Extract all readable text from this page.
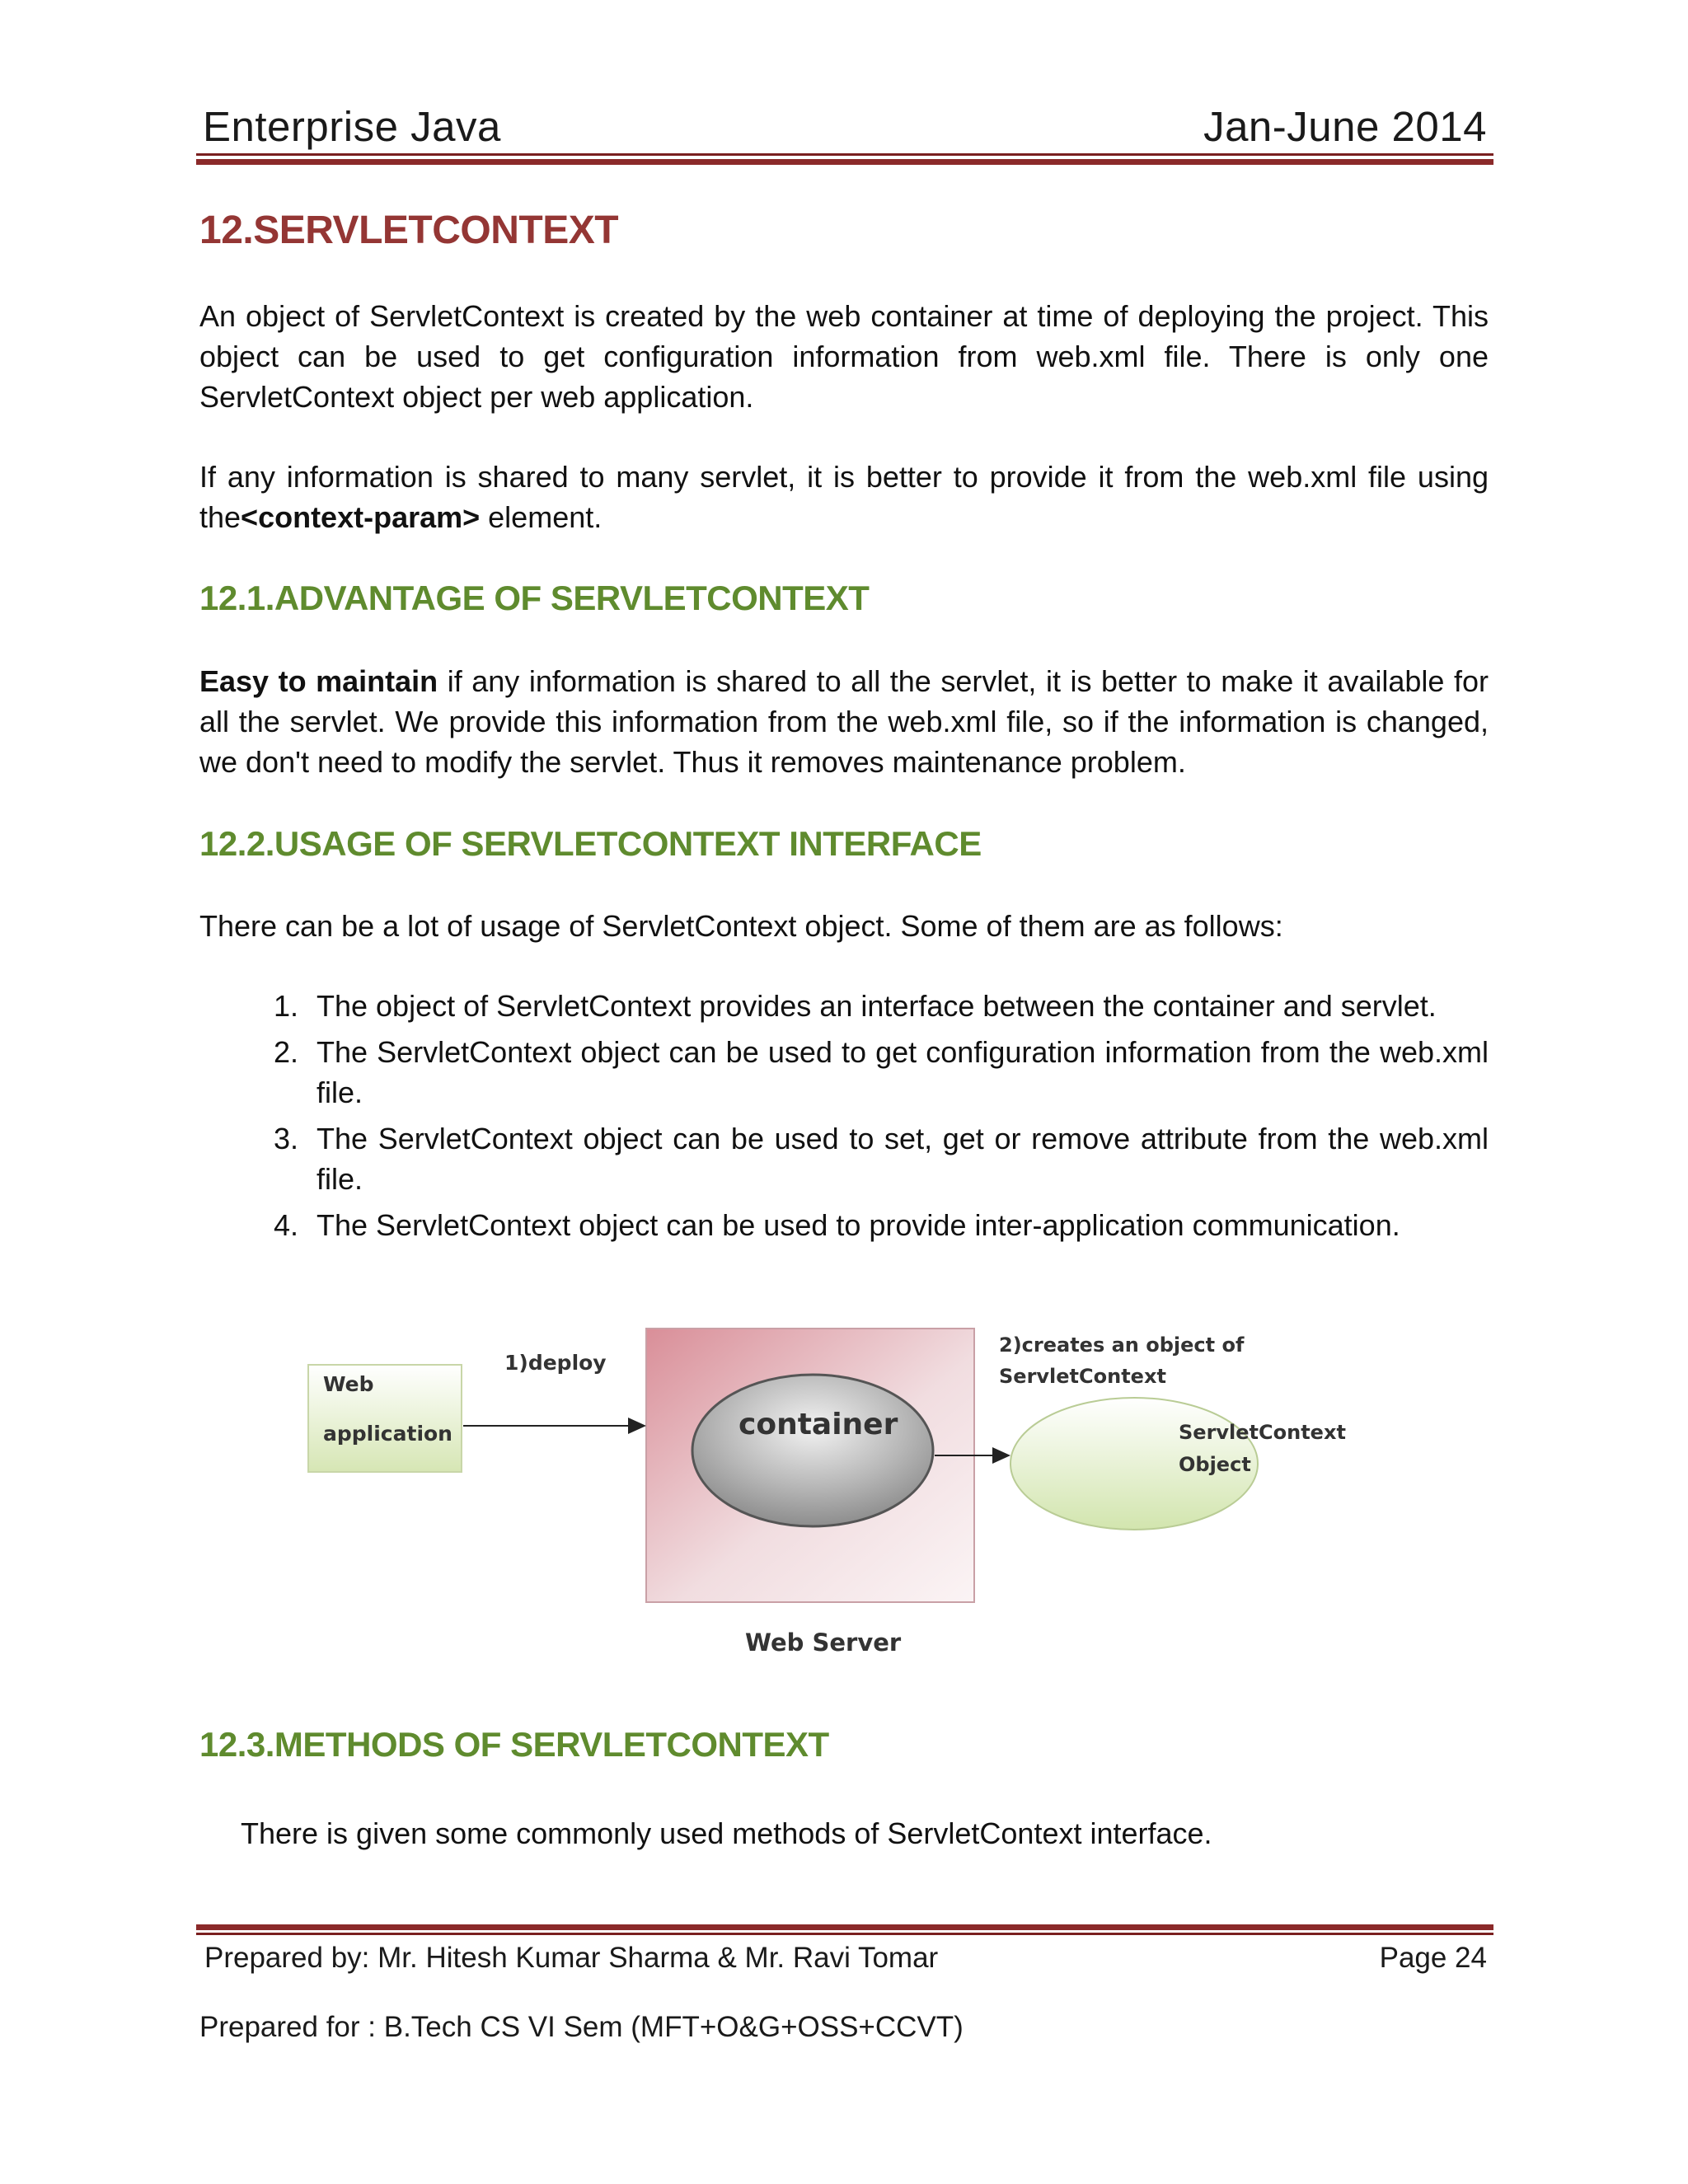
Enterprise Java	Jan-June 2014
12.SERVLETCONTEXT
An object of ServletContext is created by the web container at time of deploying the project. This object can be used to get configuration information from web.xml file. There is only one ServletContext object per web application.
If any information is shared to many servlet, it is better to provide it from the web.xml file using the<context-param> element.
12.1.ADVANTAGE OF SERVLETCONTEXT
Easy to maintain if any information is shared to all the servlet, it is better to make it available for all the servlet. We provide this information from the web.xml file, so if the information is changed, we don't need to modify the servlet. Thus it removes maintenance problem.
12.2.USAGE OF SERVLETCONTEXT INTERFACE
There can be a lot of usage of ServletContext object. Some of them are as follows:
1. The object of ServletContext provides an interface between the container and servlet.
2. The ServletContext object can be used to get configuration information from the web.xml file.
3. The ServletContext object can be used to set, get or remove attribute from the web.xml file.
4. The ServletContext object can be used to provide inter-application communication.
Web
application
1)deploy
container
2)creates an object of
ServletContext
ServletContext
Object
Web Server
12.3.METHODS OF SERVLETCONTEXT
There is given some commonly used methods of ServletContext interface.
Prepared by: Mr. Hitesh Kumar Sharma & Mr. Ravi Tomar	Page 24
Prepared for : B.Tech CS VI Sem (MFT+O&G+OSS+CCVT)
